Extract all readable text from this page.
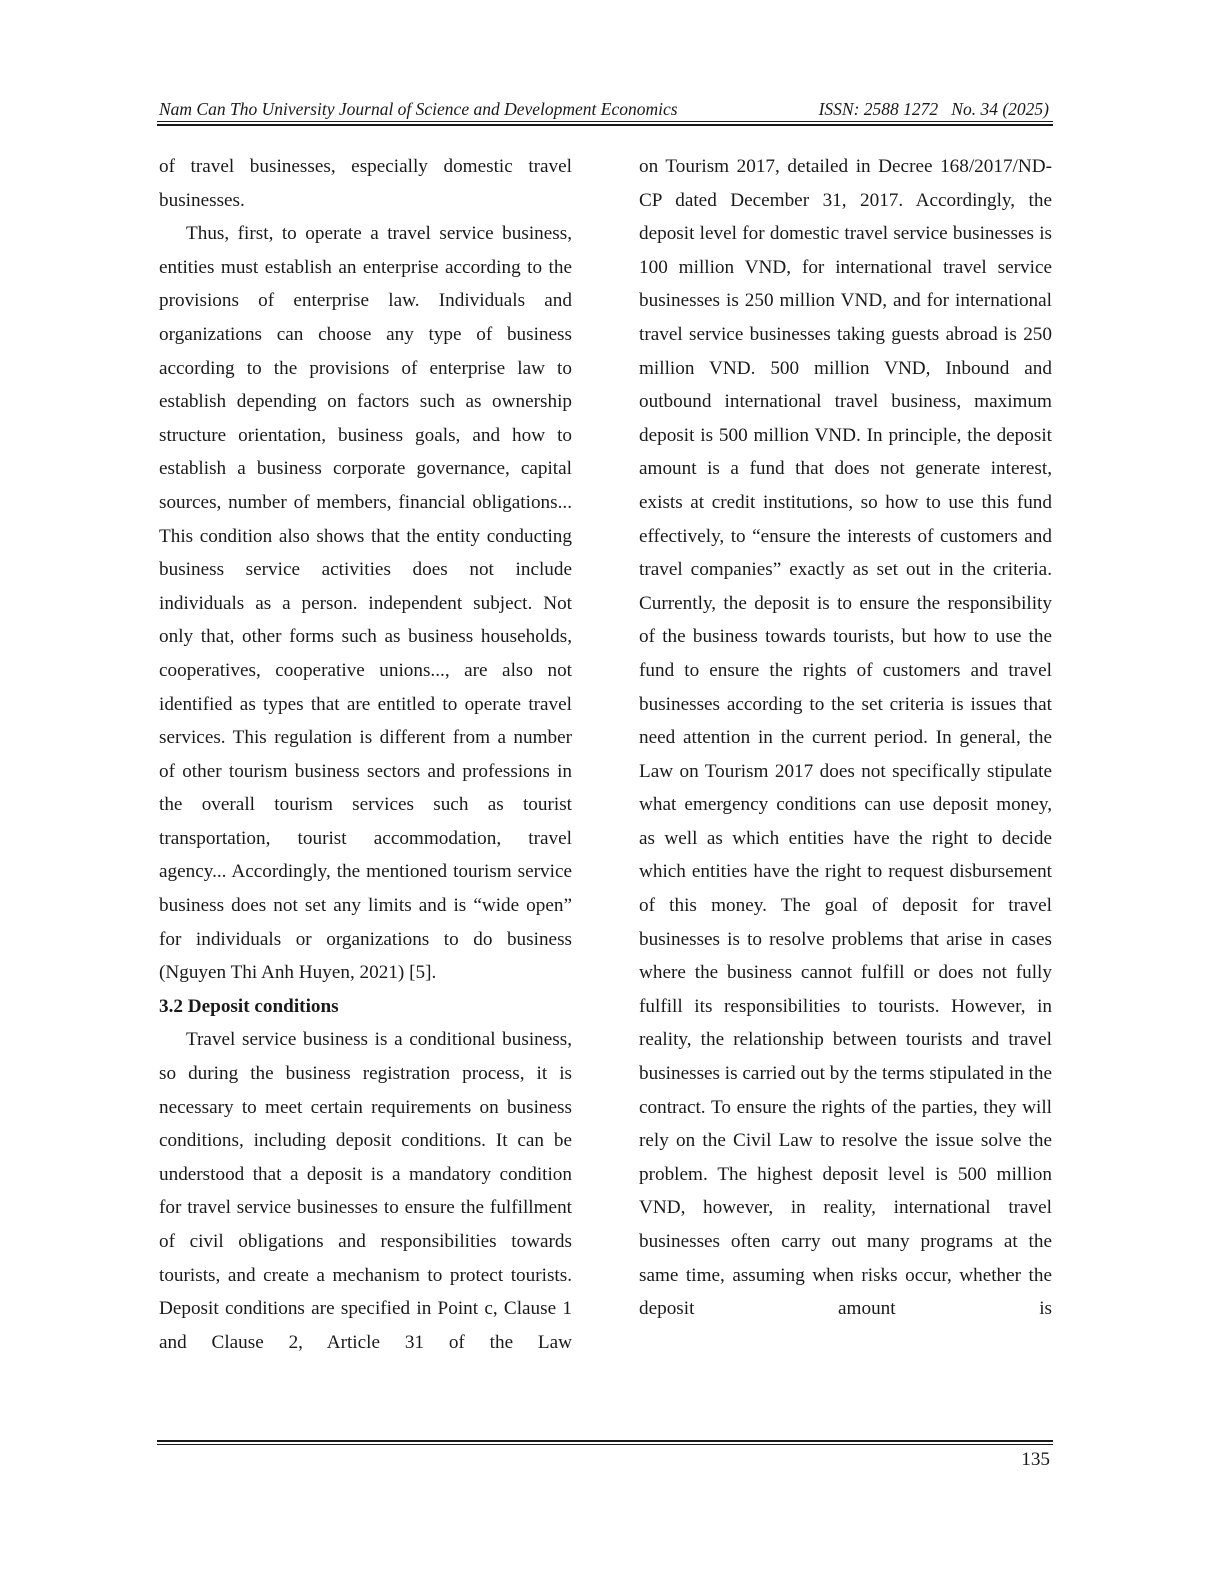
Nam Can Tho University Journal of Science and Development Economics	ISSN: 2588 1272   No. 34 (2025)

of travel businesses, especially domestic travel businesses.

Thus, first, to operate a travel service business, entities must establish an enterprise according to the provisions of enterprise law. Individuals and organizations can choose any type of business according to the provisions of enterprise law to establish depending on factors such as ownership structure orientation, business goals, and how to establish a business corporate governance, capital sources, number of members, financial obligations... This condition also shows that the entity conducting business service activities does not include individuals as a person. independent subject. Not only that, other forms such as business households, cooperatives, cooperative unions..., are also not identified as types that are entitled to operate travel services. This regulation is different from a number of other tourism business sectors and professions in the overall tourism services such as tourist transportation, tourist accommodation, travel agency... Accordingly, the mentioned tourism service business does not set any limits and is “wide open” for individuals or organizations to do business (Nguyen Thi Anh Huyen, 2021) [5].

3.2 Deposit conditions

Travel service business is a conditional business, so during the business registration process, it is necessary to meet certain requirements on business conditions, including deposit conditions. It can be understood that a deposit is a mandatory condition for travel service businesses to ensure the fulfillment of civil obligations and responsibilities towards tourists, and create a mechanism to protect tourists. Deposit conditions are specified in Point c, Clause 1 and Clause 2, Article 31 of the Law

on Tourism 2017, detailed in Decree 168/2017/ND-CP dated December 31, 2017. Accordingly, the deposit level for domestic travel service businesses is 100 million VND, for international travel service businesses is 250 million VND, and for international travel service businesses taking guests abroad is 250 million VND. 500 million VND, Inbound and outbound international travel business, maximum deposit is 500 million VND. In principle, the deposit amount is a fund that does not generate interest, exists at credit institutions, so how to use this fund effectively, to “ensure the interests of customers and travel companies” exactly as set out in the criteria. Currently, the deposit is to ensure the responsibility of the business towards tourists, but how to use the fund to ensure the rights of customers and travel businesses according to the set criteria is issues that need attention in the current period. In general, the Law on Tourism 2017 does not specifically stipulate what emergency conditions can use deposit money, as well as which entities have the right to decide which entities have the right to request disbursement of this money. The goal of deposit for travel businesses is to resolve problems that arise in cases where the business cannot fulfill or does not fully fulfill its responsibilities to tourists. However, in reality, the relationship between tourists and travel businesses is carried out by the terms stipulated in the contract. To ensure the rights of the parties, they will rely on the Civil Law to resolve the issue solve the problem. The highest deposit level is 500 million VND, however, in reality, international travel businesses often carry out many programs at the same time, assuming when risks occur, whether the deposit amount is

135
